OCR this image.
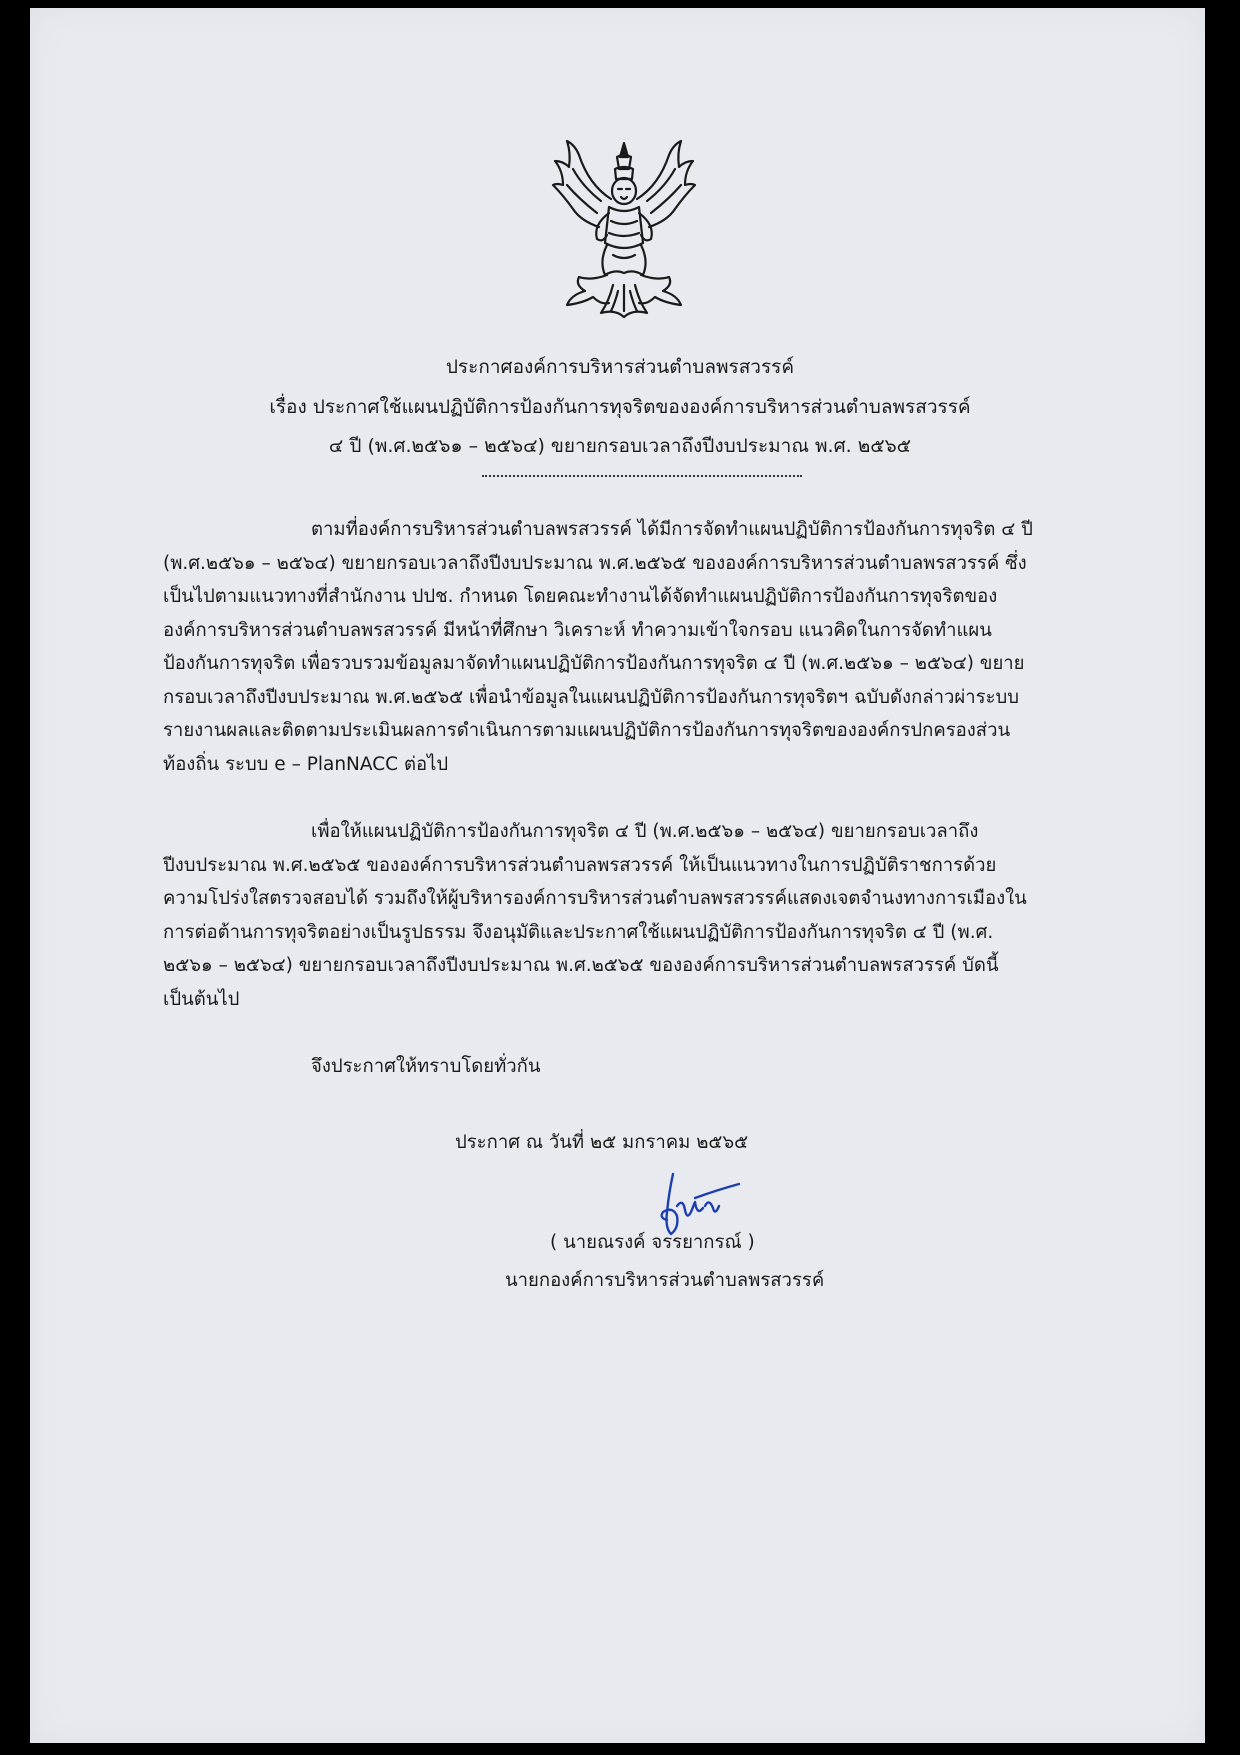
ประกาศองค์การบริหารส่วนตำบลพรสวรรค์
เรื่อง ประกาศใช้แผนปฏิบัติการป้องกันการทุจริตขององค์การบริหารส่วนตำบลพรสวรรค์
๔ ปี (พ.ศ.๒๕๖๑ – ๒๕๖๔) ขยายกรอบเวลาถึงปีงบประมาณ พ.ศ. ๒๕๖๕

ตามที่องค์การบริหารส่วนตำบลพรสวรรค์ ได้มีการจัดทำแผนปฏิบัติการป้องกันการทุจริต ๔ ปี

(พ.ศ.๒๕๖๑ – ๒๕๖๔) ขยายกรอบเวลาถึงปีงบประมาณ พ.ศ.๒๕๖๕ ขององค์การบริหารส่วนตำบลพรสวรรค์ ซึ่ง

เป็นไปตามแนวทางที่สำนักงาน ปปช. กำหนด โดยคณะทำงานได้จัดทำแผนปฏิบัติการป้องกันการทุจริตของ

องค์การบริหารส่วนตำบลพรสวรรค์ มีหน้าที่ศึกษา วิเคราะห์ ทำความเข้าใจกรอบ แนวคิดในการจัดทำแผน

ป้องกันการทุจริต เพื่อรวบรวมข้อมูลมาจัดทำแผนปฏิบัติการป้องกันการทุจริต ๔ ปี (พ.ศ.๒๕๖๑ – ๒๕๖๔) ขยาย

กรอบเวลาถึงปีงบประมาณ พ.ศ.๒๕๖๕ เพื่อนำข้อมูลในแผนปฏิบัติการป้องกันการทุจริตฯ ฉบับดังกล่าวผ่าระบบ

รายงานผลและติดตามประเมินผลการดำเนินการตามแผนปฏิบัติการป้องกันการทุจริตขององค์กรปกครองส่วน

ท้องถิ่น ระบบ e – PlanNACC ต่อไป

เพื่อให้แผนปฏิบัติการป้องกันการทุจริต ๔ ปี (พ.ศ.๒๕๖๑ – ๒๕๖๔) ขยายกรอบเวลาถึง

ปีงบประมาณ พ.ศ.๒๕๖๕ ขององค์การบริหารส่วนตำบลพรสวรรค์ ให้เป็นแนวทางในการปฏิบัติราชการด้วย

ความโปร่งใสตรวจสอบได้ รวมถึงให้ผู้บริหารองค์การบริหารส่วนตำบลพรสวรรค์แสดงเจตจำนงทางการเมืองใน

การต่อต้านการทุจริตอย่างเป็นรูปธรรม จึงอนุมัติและประกาศใช้แผนปฏิบัติการป้องกันการทุจริต ๔ ปี (พ.ศ.

๒๕๖๑ – ๒๕๖๔) ขยายกรอบเวลาถึงปีงบประมาณ พ.ศ.๒๕๖๕ ขององค์การบริหารส่วนตำบลพรสวรรค์ บัดนี้

เป็นต้นไป

จึงประกาศให้ทราบโดยทั่วกัน
ประกาศ ณ วันที่ ๒๕ มกราคม ๒๕๖๕
( นายณรงค์ จรรยากรณ์ )
นายกองค์การบริหารส่วนตำบลพรสวรรค์
